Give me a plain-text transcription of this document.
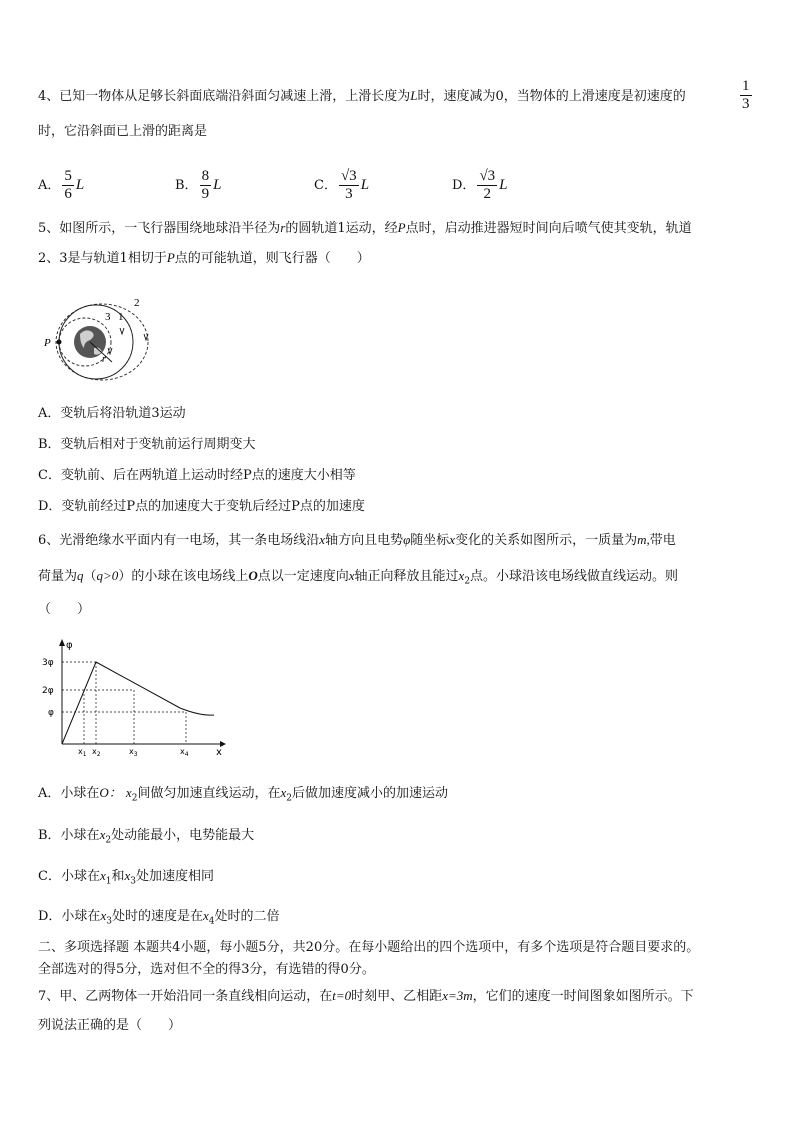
4、已知一物体从足够长斜面底端沿斜面匀减速上滑，上滑长度为L时，速度减为0，当物体的上滑速度是初速度的	$\frac{1}{3}$
时，它沿斜面已上滑的距离是
A． $\frac{5}{6}$ L	B． $\frac{8}{9}$ L	C． $\frac{√3}{3}$ L	D． $\frac{√3}{2}$ L
5、如图所示，一飞行器围绕地球沿半径为r的圆轨道1运动，经P点时，启动推进器短时间向后喷气使其变轨，轨道
2、3是与轨道1相切于P点的可能轨道，则飞行器（　　）
P
1
2
3
r
A．变轨后将沿轨道3运动
B．变轨后相对于变轨前运行周期变大
C．变轨前、后在两轨道上运动时经P点的速度大小相等
D．变轨前经过P点的加速度大于变轨后经过P点的加速度
6、光滑绝缘水平面内有一电场，其一条电场线沿x轴方向且电势φ随坐标x变化的关系如图所示，一质量为m,带电
荷量为q（q>0）的小球在该电场线上O点以一定速度向x轴正向释放且能过$x_2$点。小球沿该电场线做直线运动。则
（　　）
φ
x
3φ
2φ
φ
$x_1$ $x_2$	$x_3$	$x_4$
A．小球在O： $x_2$间做匀加速直线运动，在$x_2$后做加速度减小的加速运动
B．小球在$x_2$处动能最小，电势能最大
C．小球在$x_1$和$x_3$处加速度相同
D．小球在$x_3$处时的速度是在$x_4$处时的二倍
二、多项选择题 本题共4小题，每小题5分，共20分。在每小题给出的四个选项中，有多个选项是符合题目要求的。
全部选对的得5分，选对但不全的得3分，有选错的得0分。
7、甲、乙两物体一开始沿同一条直线相向运动，在t=0时刻甲、乙相距x=3m，它们的速度一时间图象如图所示。下
列说法正确的是（　　）
